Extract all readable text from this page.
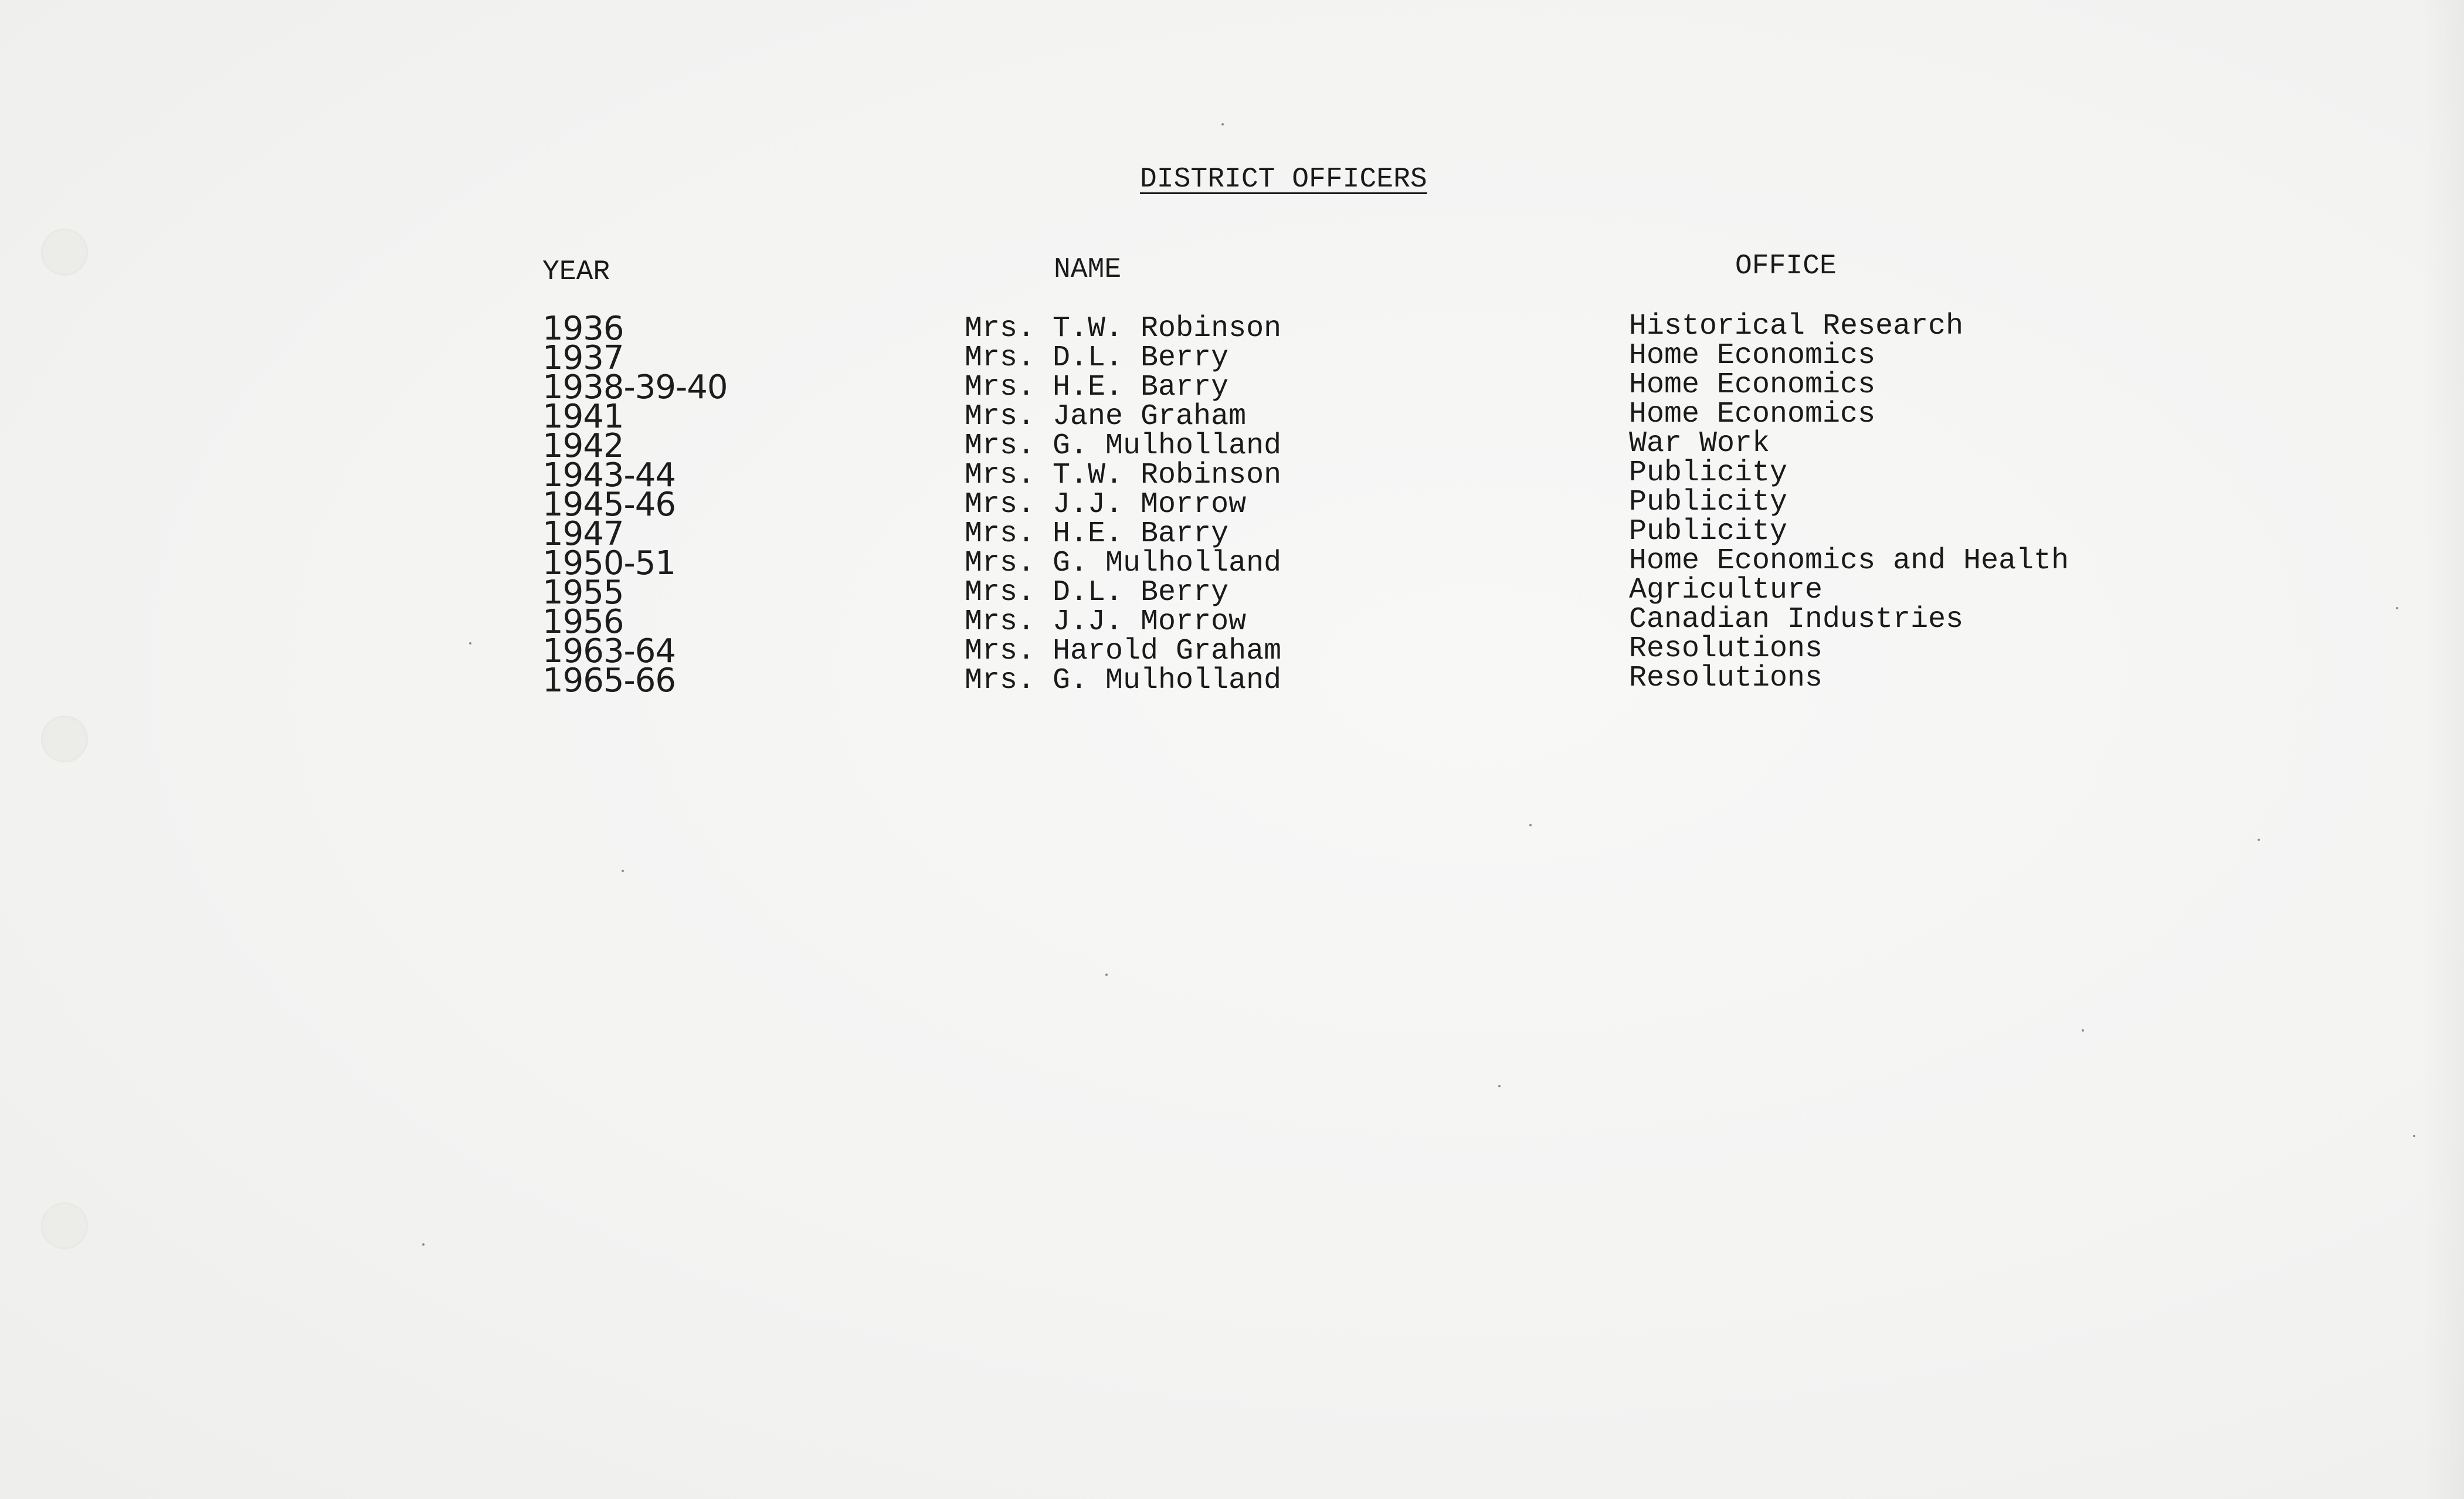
DISTRICT OFFICERS
YEAR	NAME	OFFICE
1936	Mrs. T.W. Robinson	Historical Research
1937	Mrs. D.L. Berry	Home Economics
1938-39-40	Mrs. H.E. Barry	Home Economics
1941	Mrs. Jane Graham	Home Economics
1942	Mrs. G. Mulholland	War Work
1943-44	Mrs. T.W. Robinson	Publicity
1945-46	Mrs. J.J. Morrow	Publicity
1947	Mrs. H.E. Barry	Publicity
1950-51	Mrs. G. Mulholland	Home Economics and Health
1955	Mrs. D.L. Berry	Agriculture
1956	Mrs. J.J. Morrow	Canadian Industries
1963-64	Mrs. Harold Graham	Resolutions
1965-66	Mrs. G. Mulholland	Resolutions
